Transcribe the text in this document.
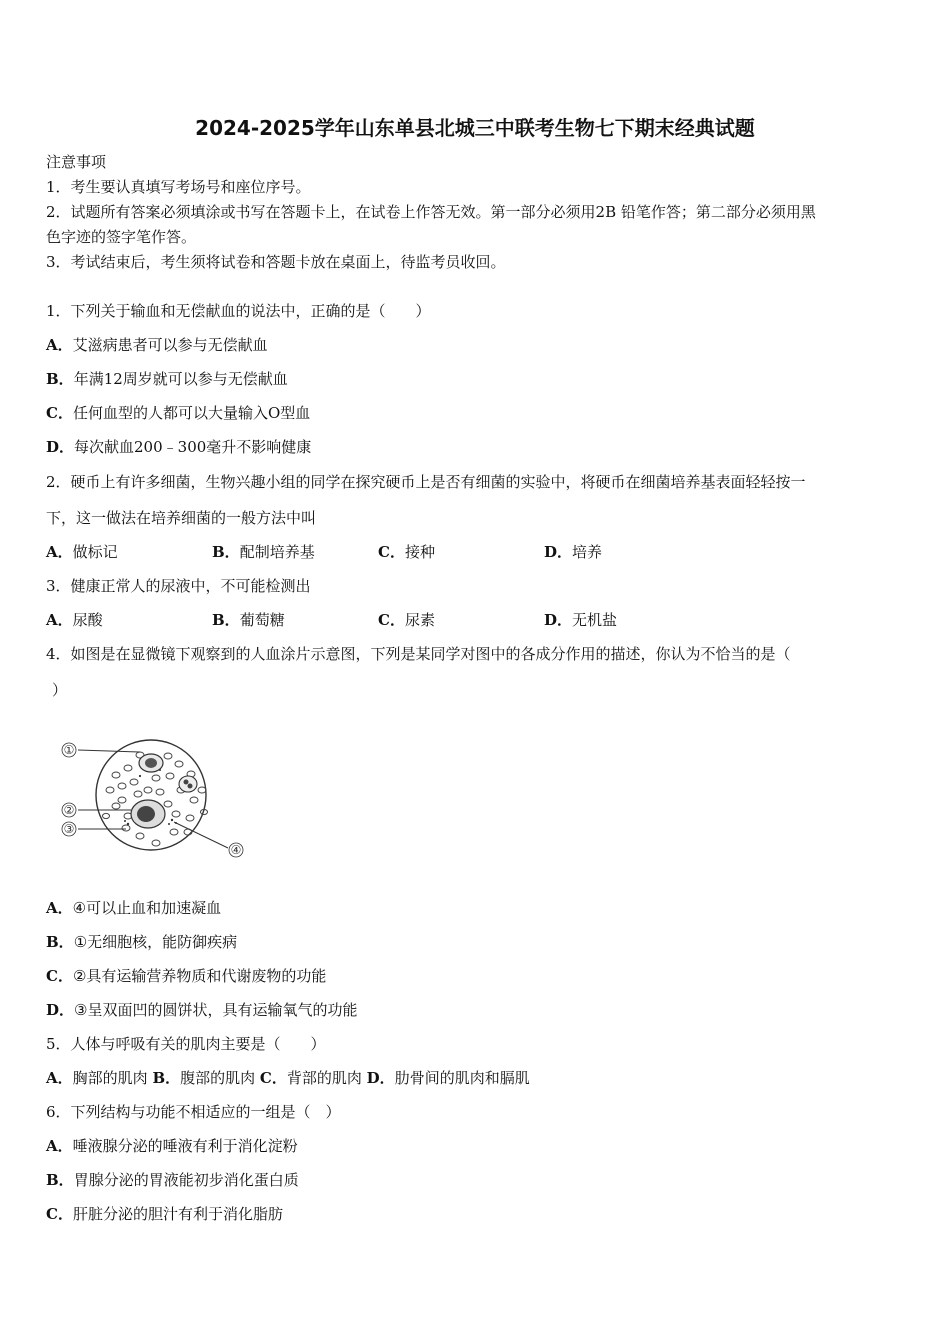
2024-2025学年山东单县北城三中联考生物七下期末经典试题
注意事项
1．考生要认真填写考场号和座位序号。
2．试题所有答案必须填涂或书写在答题卡上，在试卷上作答无效。第一部分必须用2B 铅笔作答；第二部分必须用黑
色字迹的签字笔作答。
3．考试结束后，考生须将试卷和答题卡放在桌面上，待监考员收回。
1．下列关于输血和无偿献血的说法中，正确的是（　　）
A．艾滋病患者可以参与无偿献血
B．年满12周岁就可以参与无偿献血
C．任何血型的人都可以大量输入O型血
D．每次献血200﹣300毫升不影响健康
2．硬币上有许多细菌，生物兴趣小组的同学在探究硬币上是否有细菌的实验中，将硬币在细菌培养基表面轻轻按一
下，这一做法在培养细菌的一般方法中叫
A．做标记	B．配制培养基	C．接种	D．培养
3．健康正常人的尿液中，不可能检测出
A．尿酸	B．葡萄糖	C．尿素	D．无机盐
4．如图是在显微镜下观察到的人血涂片示意图，下列是某同学对图中的各成分作用的描述，你认为不恰当的是（
）
①
②
③
④
A．④可以止血和加速凝血
B．①无细胞核，能防御疾病
C．②具有运输营养物质和代谢废物的功能
D．③呈双面凹的圆饼状，具有运输氧气的功能
5．人体与呼吸有关的肌肉主要是（　　）
A．胸部的肌肉 B．腹部的肌肉 C．背部的肌肉 D．肋骨间的肌肉和膈肌
6．下列结构与功能不相适应的一组是（　）
A．唾液腺分泌的唾液有利于消化淀粉
B．胃腺分泌的胃液能初步消化蛋白质
C．肝脏分泌的胆汁有利于消化脂肪
